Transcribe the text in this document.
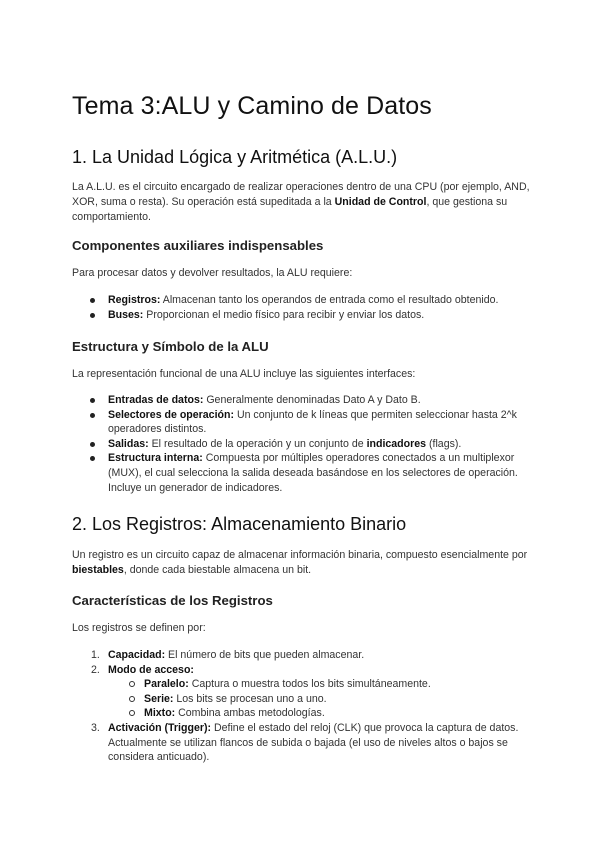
Tema 3:ALU y Camino de Datos
1. La Unidad Lógica y Aritmética (A.L.U.)

La A.L.U. es el circuito encargado de realizar operaciones dentro de una CPU (por ejemplo, AND, XOR, suma o resta). Su operación está supeditada a la Unidad de Control, que gestiona su comportamiento.

Componentes auxiliares indispensables

Para procesar datos y devolver resultados, la ALU requiere:

Registros: Almacenan tanto los operandos de entrada como el resultado obtenido.
Buses: Proporcionan el medio físico para recibir y enviar los datos.
Estructura y Símbolo de la ALU

La representación funcional de una ALU incluye las siguientes interfaces:

Entradas de datos: Generalmente denominadas Dato A y Dato B.
Selectores de operación: Un conjunto de k líneas que permiten seleccionar hasta 2^k operadores distintos.
Salidas: El resultado de la operación y un conjunto de indicadores (flags).
Estructura interna: Compuesta por múltiples operadores conectados a un multiplexor (MUX), el cual selecciona la salida deseada basándose en los selectores de operación. Incluye un generador de indicadores.
2. Los Registros: Almacenamiento Binario

Un registro es un circuito capaz de almacenar información binaria, compuesto esencialmente por biestables, donde cada biestable almacena un bit.

Características de los Registros

Los registros se definen por:

1. Capacidad: El número de bits que pueden almacenar.
2. Modo de acceso:
Paralelo: Captura o muestra todos los bits simultáneamente.
Serie: Los bits se procesan uno a uno.
Mixto: Combina ambas metodologías.
3. Activación (Trigger): Define el estado del reloj (CLK) que provoca la captura de datos. Actualmente se utilizan flancos de subida o bajada (el uso de niveles altos o bajos se considera anticuado).
